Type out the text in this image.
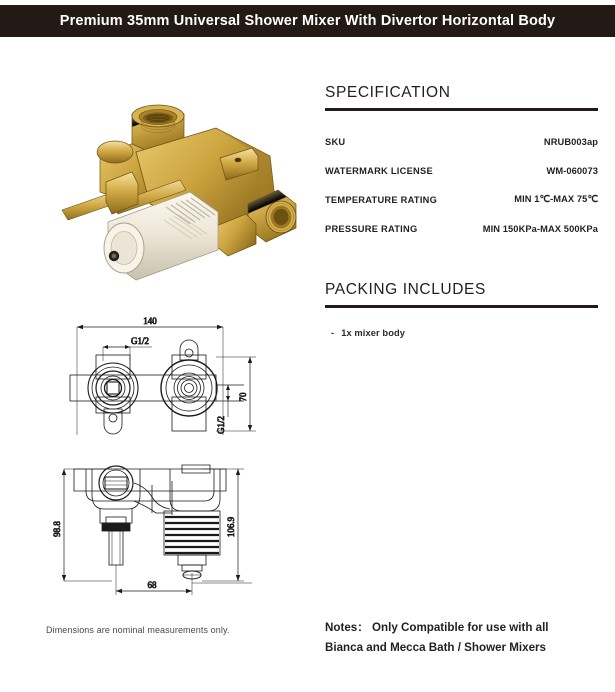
Premium 35mm Universal Shower Mixer With Divertor Horizontal Body
SPECIFICATION
SKU	NRUB003ap
WATERMARK LICENSE	WM-060073
TEMPERATURE RATING	MIN 1℃-MAX 75℃
PRESSURE RATING	MIN 150KPa-MAX 500KPa
PACKING INCLUDES
- 1x mixer body
Notes： Only Compatible for use with all
Bianca and Mecca Bath / Shower Mixers
140
G1/2
70
G1/2
98.8	106.9
68
Dimensions are nominal measurements only.
